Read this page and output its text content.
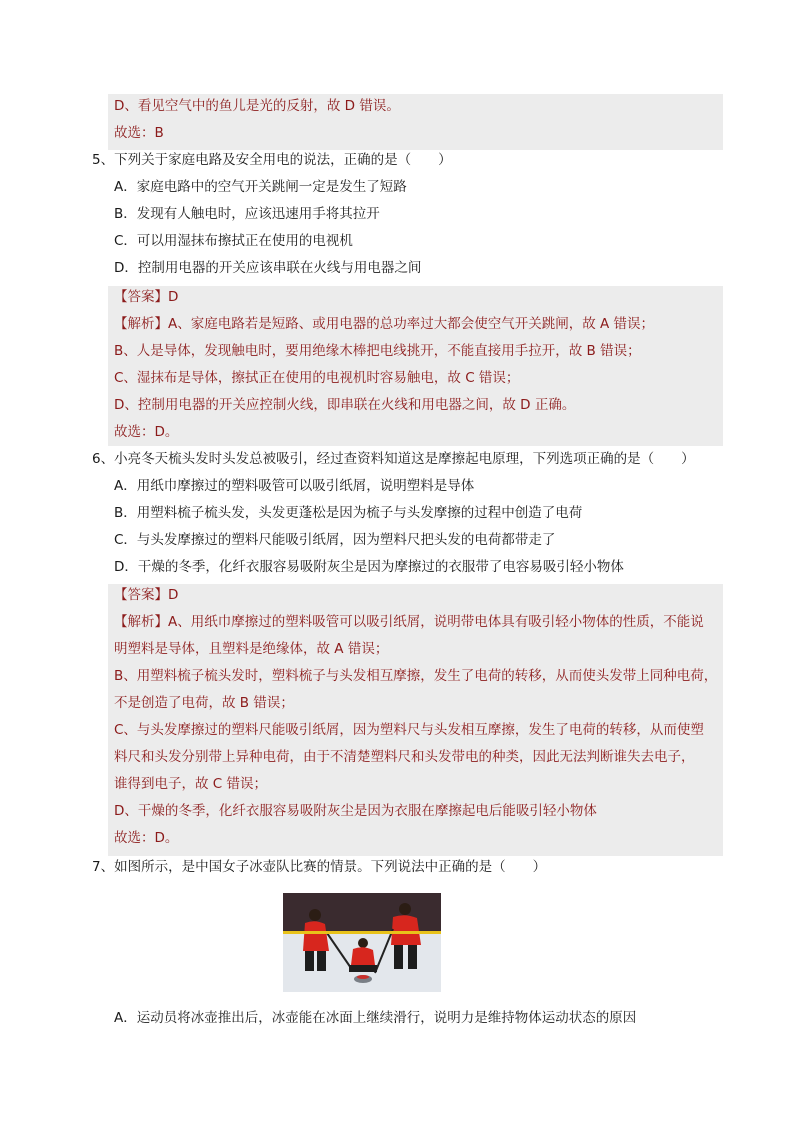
D、看见空气中的鱼儿是光的反射，故 D 错误。
故选：B
5、下列关于家庭电路及安全用电的说法，正确的是（　　）
A．家庭电路中的空气开关跳闸一定是发生了短路
B．发现有人触电时，应该迅速用手将其拉开
C．可以用湿抹布擦拭正在使用的电视机
D．控制用电器的开关应该串联在火线与用电器之间
【答案】D
【解析】A、家庭电路若是短路、或用电器的总功率过大都会使空气开关跳闸，故 A 错误；
B、人是导体，发现触电时，要用绝缘木棒把电线挑开，不能直接用手拉开，故 B 错误；
C、湿抹布是导体，擦拭正在使用的电视机时容易触电，故 C 错误；
D、控制用电器的开关应控制火线，即串联在火线和用电器之间，故 D 正确。
故选：D。
6、小亮冬天梳头发时头发总被吸引，经过查资料知道这是摩擦起电原理，下列选项正确的是（　　）
A．用纸巾摩擦过的塑料吸管可以吸引纸屑，说明塑料是导体
B．用塑料梳子梳头发，头发更蓬松是因为梳子与头发摩擦的过程中创造了电荷
C．与头发摩擦过的塑料尺能吸引纸屑，因为塑料尺把头发的电荷都带走了
D．干燥的冬季，化纤衣服容易吸附灰尘是因为摩擦过的衣服带了电容易吸引轻小物体
【答案】D
【解析】A、用纸巾摩擦过的塑料吸管可以吸引纸屑，说明带电体具有吸引轻小物体的性质，不能说
明塑料是导体，且塑料是绝缘体，故 A 错误；
B、用塑料梳子梳头发时，塑料梳子与头发相互摩擦，发生了电荷的转移，从而使头发带上同种电荷，
不是创造了电荷，故 B 错误；
C、与头发摩擦过的塑料尺能吸引纸屑，因为塑料尺与头发相互摩擦，发生了电荷的转移，从而使塑
料尺和头发分别带上异种电荷，由于不清楚塑料尺和头发带电的种类，因此无法判断谁失去电子，
谁得到电子，故 C 错误；
D、干燥的冬季，化纤衣服容易吸附灰尘是因为衣服在摩擦起电后能吸引轻小物体
故选：D。
7、如图所示，是中国女子冰壶队比赛的情景。下列说法中正确的是（　　）
A．运动员将冰壶推出后，冰壶能在冰面上继续滑行，说明力是维持物体运动状态的原因
